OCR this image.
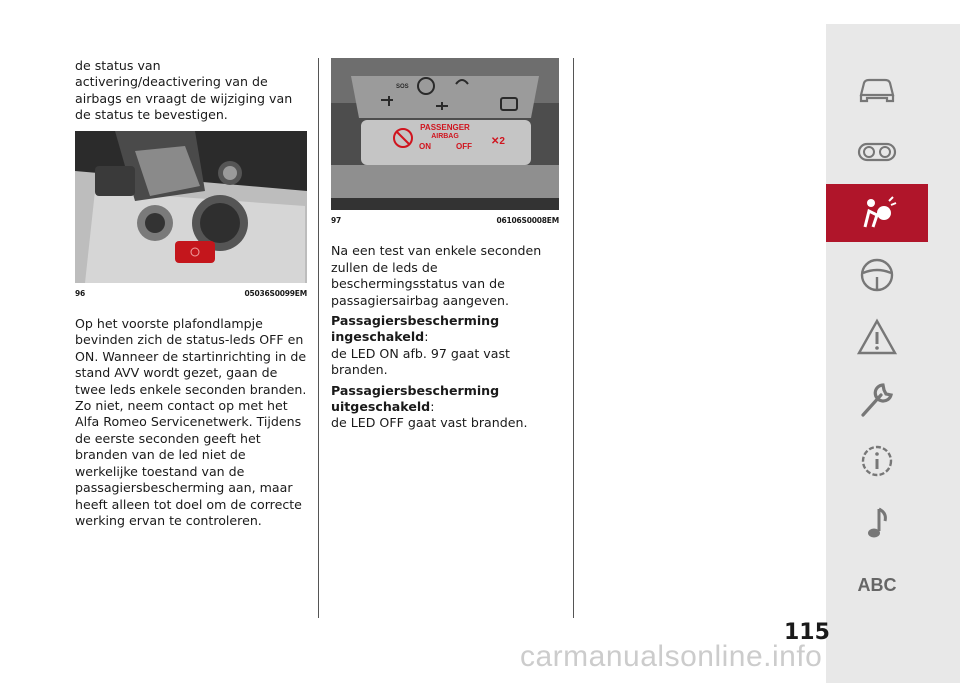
de status van activering/deactivering van de airbags en vraagt de wijziging van de status te bevestigen.

96	05036S0099EM

Op het voorste plafondlampje bevinden zich de status-leds OFF en ON. Wanneer de startinrichting in de stand AVV wordt gezet, gaan de twee leds enkele seconden branden. Zo niet, neem contact op met het Alfa Romeo Servicenetwerk. Tijdens de eerste seconden geeft het branden van de led niet de werkelijke toestand van de passagiersbescherming aan, maar heeft alleen tot doel om de correcte werking ervan te controleren.

PASSENGER
AIRBAG
ON	OFF ✕2
SOS
97	06106S0008EM

Na een test van enkele seconden zullen de leds de beschermingsstatus van de passagiersairbag aangeven.

Passagiersbescherming ingeschakeld:
de LED ON afb. 97 gaat vast branden.

Passagiersbescherming uitgeschakeld:
de LED OFF gaat vast branden.

ABC
115
carmanualsonline.info
